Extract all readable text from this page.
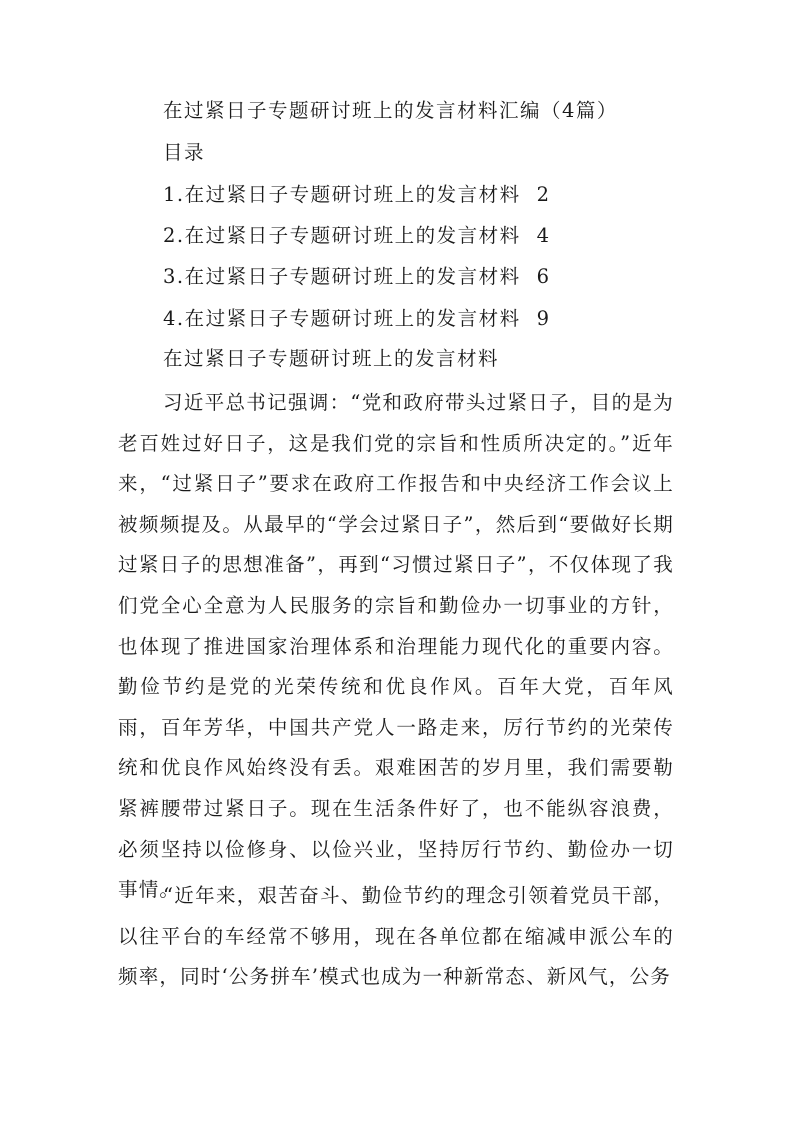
在过紧日子专题研讨班上的发言材料汇编（4篇）
目录
1.在过紧日子专题研讨班上的发言材料 2
2.在过紧日子专题研讨班上的发言材料 4
3.在过紧日子专题研讨班上的发言材料 6
4.在过紧日子专题研讨班上的发言材料 9
在过紧日子专题研讨班上的发言材料

习近平总书记强调：“党和政府带头过紧日子，目的是为老百姓过好日子，这是我们党的宗旨和性质所决定的。”近年来，“过紧日子”要求在政府工作报告和中央经济工作会议上被频频提及。从最早的“学会过紧日子”，然后到“要做好长期过紧日子的思想准备”，再到“习惯过紧日子”，不仅体现了我们党全心全意为人民服务的宗旨和勤俭办一切事业的方针，也体现了推进国家治理体系和治理能力现代化的重要内容。勤俭节约是党的光荣传统和优良作风。百年大党，百年风雨，百年芳华，中国共产党人一路走来，厉行节约的光荣传统和优良作风始终没有丢。艰难困苦的岁月里，我们需要勒紧裤腰带过紧日子。现在生活条件好了，也不能纵容浪费，必须坚持以俭修身、以俭兴业，坚持厉行节约、勤俭办一切事情。

“近年来，艰苦奋斗、勤俭节约的理念引领着党员干部，以往平台的车经常不够用，现在各单位都在缩减申派公车的频率，同时‘公务拼车’模式也成为一种新常态、新风气，公务
